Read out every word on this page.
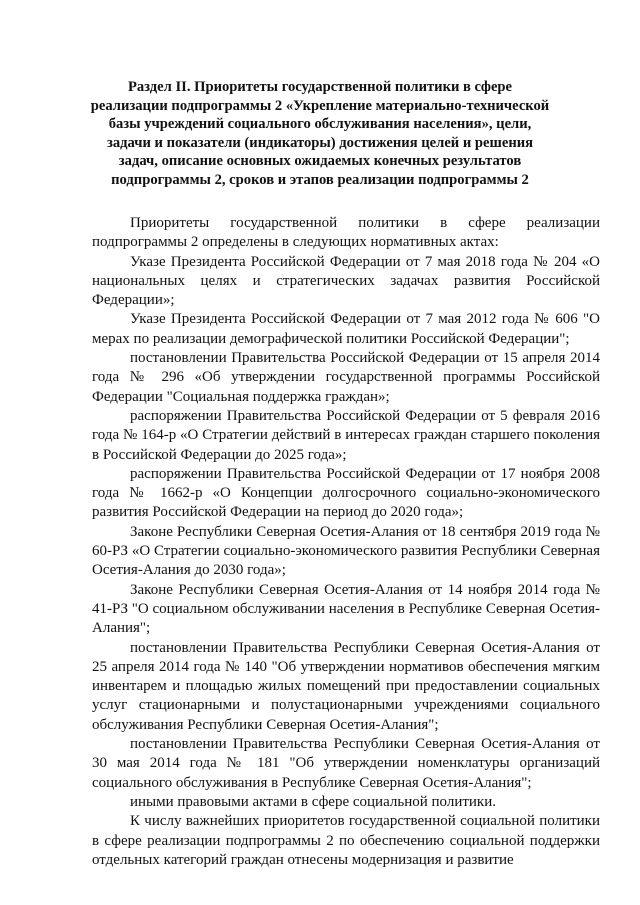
Раздел II. Приоритеты государственной политики в сфере реализации подпрограммы 2 «Укрепление материально-технической базы учреждений социального обслуживания населения», цели, задачи и показатели (индикаторы) достижения целей и решения задач, описание основных ожидаемых конечных результатов подпрограммы 2, сроков и этапов реализации подпрограммы 2

Приоритеты государственной политики в сфере реализации подпрограммы 2 определены в следующих нормативных актах:

Указе Президента Российской Федерации от 7 мая 2018 года № 204 «О национальных целях и стратегических задачах развития Российской Федерации»;

Указе Президента Российской Федерации от 7 мая 2012 года № 606 "О мерах по реализации демографической политики Российской Федерации";

постановлении Правительства Российской Федерации от 15 апреля 2014 года № 296 «Об утверждении государственной программы Российской Федерации "Социальная поддержка граждан»;

распоряжении Правительства Российской Федерации от 5 февраля 2016 года № 164-р «О Стратегии действий в интересах граждан старшего поколения в Российской Федерации до 2025 года»;

распоряжении Правительства Российской Федерации от 17 ноября 2008 года № 1662-р «О Концепции долгосрочного социально-экономического развития Российской Федерации на период до 2020 года»;

Законе Республики Северная Осетия-Алания от 18 сентября 2019 года № 60-РЗ «О Стратегии социально-экономического развития Республики Северная Осетия-Алания до 2030 года»;

Законе Республики Северная Осетия-Алания от 14 ноября 2014 года № 41-РЗ "О социальном обслуживании населения в Республике Северная Осетия-Алания";

постановлении Правительства Республики Северная Осетия-Алания от 25 апреля 2014 года № 140 "Об утверждении нормативов обеспечения мягким инвентарем и площадью жилых помещений при предоставлении социальных услуг стационарными и полустационарными учреждениями социального обслуживания Республики Северная Осетия-Алания";

постановлении Правительства Республики Северная Осетия-Алания от 30 мая 2014 года № 181 "Об утверждении номенклатуры организаций социального обслуживания в Республике Северная Осетия-Алания";

иными правовыми актами в сфере социальной политики.

К числу важнейших приоритетов государственной социальной политики в сфере реализации подпрограммы 2 по обеспечению социальной поддержки отдельных категорий граждан отнесены модернизация и развитие
